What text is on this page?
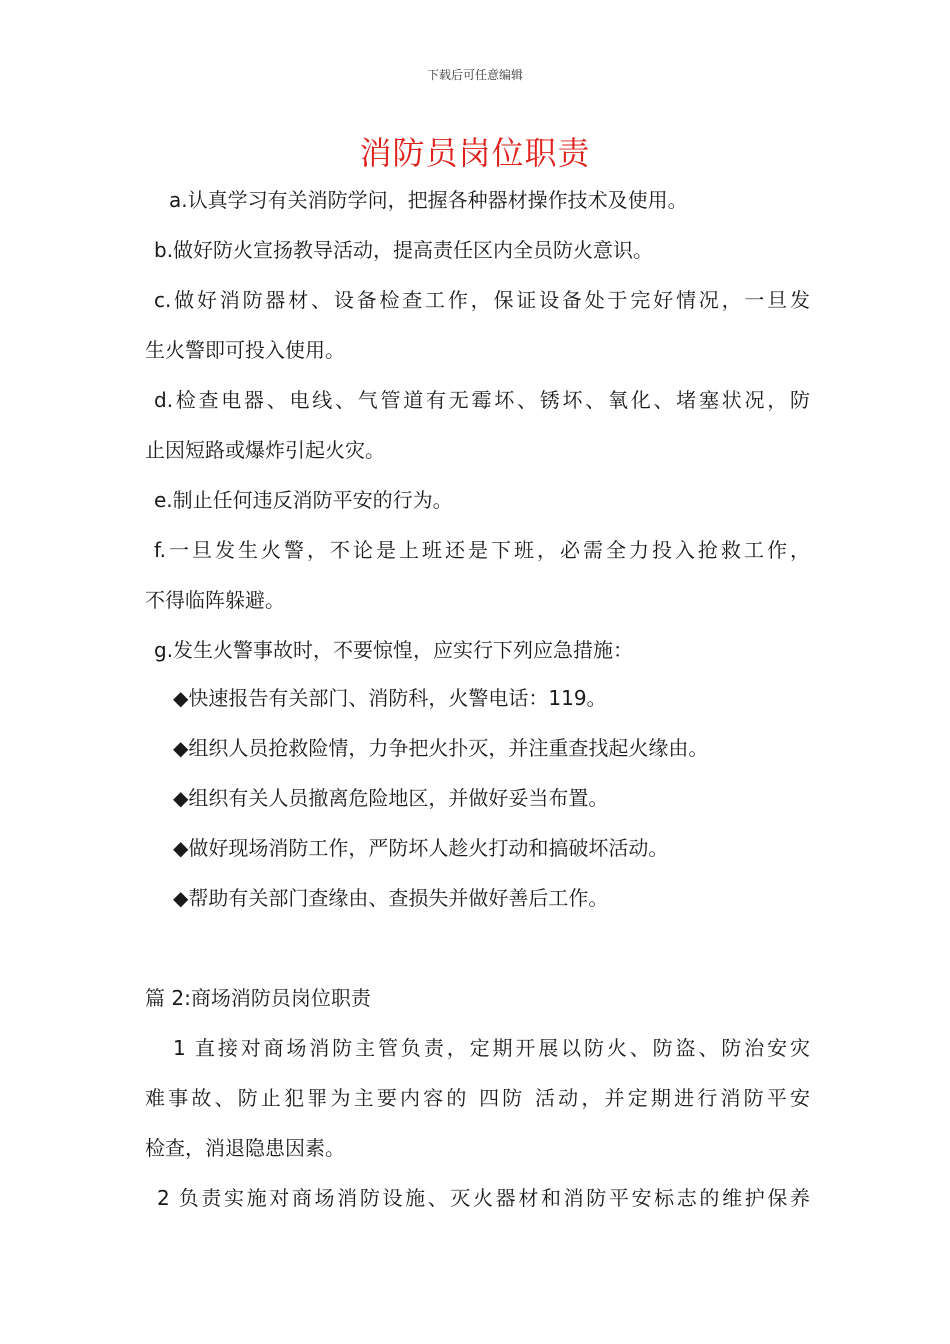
下载后可任意编辑
消防员岗位职责
a.认真学习有关消防学问，把握各种器材操作技术及使用。
b.做好防火宣扬教导活动，提高责任区内全员防火意识。
c.做好消防器材、设备检查工作，保证设备处于完好情况，一旦发
生火警即可投入使用。
d.检查电器、电线、气管道有无霉坏、锈坏、氧化、堵塞状况，防
止因短路或爆炸引起火灾。
e.制止任何违反消防平安的行为。
f.一旦发生火警，不论是上班还是下班，必需全力投入抢救工作，
不得临阵躲避。
g.发生火警事故时，不要惊惶，应实行下列应急措施：
◆快速报告有关部门、消防科，火警电话：119。
◆组织人员抢救险情，力争把火扑灭，并注重查找起火缘由。
◆组织有关人员撤离危险地区，并做好妥当布置。
◆做好现场消防工作，严防坏人趁火打动和搞破坏活动。
◆帮助有关部门查缘由、查损失并做好善后工作。
篇 2:商场消防员岗位职责
1 直接对商场消防主管负责，定期开展以防火、防盗、防治安灾
难事故、防止犯罪为主要内容的 四防 活动，并定期进行消防平安
检查，消退隐患因素。
2 负责实施对商场消防设施、灭火器材和消防平安标志的维护保养
